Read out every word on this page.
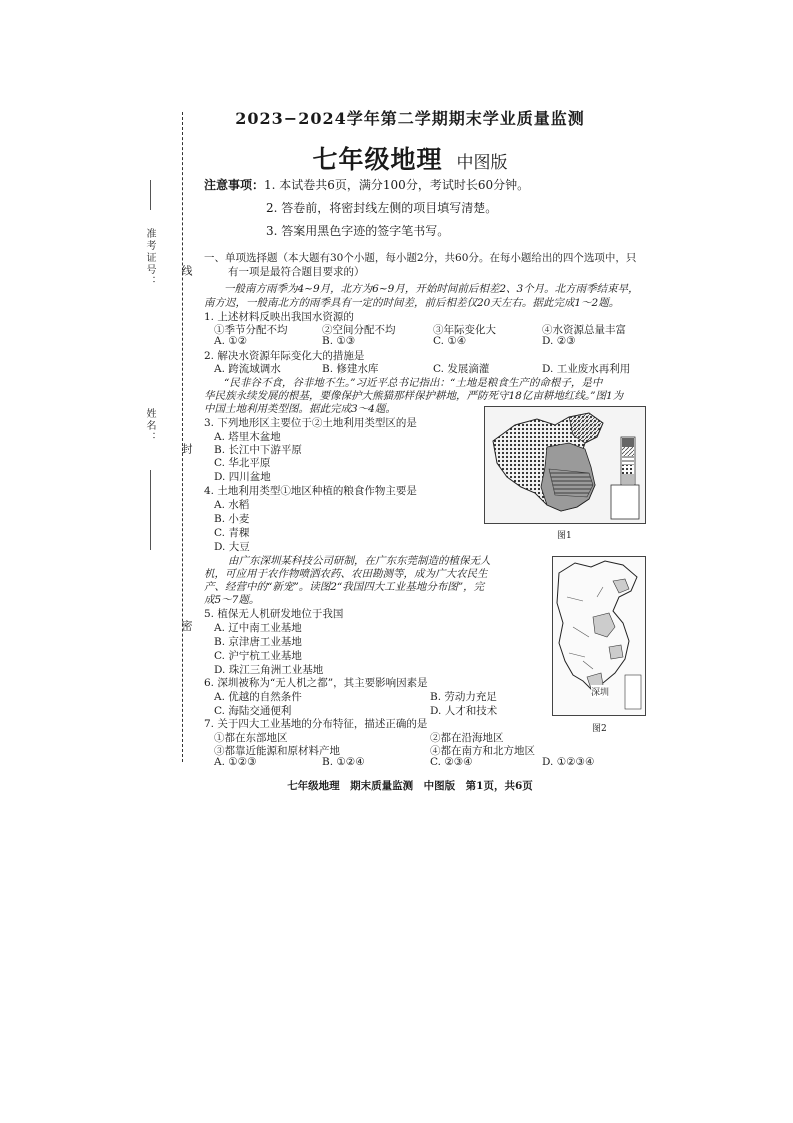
准考证号：
姓名：
线
封
密
2023−2024学年第二学期期末学业质量监测
七年级地理 中图版
注意事项：1. 本试卷共6页，满分100分，考试时长60分钟。
2. 答卷前，将密封线左侧的项目填写清楚。
3. 答案用黑色字迹的签字笔书写。
一、单项选择题（本大题有30个小题，每小题2分，共60分。在每小题给出的四个选项中，只
有一项是最符合题目要求的）
一般南方雨季为4~9月，北方为6~9月，开始时间前后相差2、3个月。北方雨季结束早，
南方迟，一般南北方的雨季具有一定的时间差，前后相差仅20天左右。据此完成1～2题。
1. 上述材料反映出我国水资源的
①季节分配不均	②空间分配不均	③年际变化大	④水资源总量丰富
A. ①②	B. ①③	C. ①④	D. ②③
2. 解决水资源年际变化大的措施是
A. 跨流域调水	B. 修建水库	C. 发展滴灌	D. 工业废水再利用
“民非谷不食，谷非地不生。”习近平总书记指出：“土地是粮食生产的命根子，是中
华民族永续发展的根基，要像保护大熊猫那样保护耕地，严防死守18亿亩耕地红线。”图1为
中国土地利用类型图。据此完成3～4题。
3. 下列地形区主要位于②土地利用类型区的是
A. 塔里木盆地
B. 长江中下游平原
C. 华北平原
D. 四川盆地
4. 土地利用类型①地区种植的粮食作物主要是
A. 水稻
B. 小麦
C. 青稞
D. 大豆
图1
由广东深圳某科技公司研制，在广东东莞制造的植保无人
机，可应用于农作物喷洒农药、农田勘测等，成为广大农民生
产、经营中的“新宠”。读图2“我国四大工业基地分布图”，完
成5～7题。
5. 植保无人机研发地位于我国
A. 辽中南工业基地
B. 京津唐工业基地
C. 沪宁杭工业基地
D. 珠江三角洲工业基地
6. 深圳被称为“无人机之都”，其主要影响因素是
A. 优越的自然条件	B. 劳动力充足
C. 海陆交通便利	D. 人才和技术
7. 关于四大工业基地的分布特征，描述正确的是
①都在东部地区	②都在沿海地区
③都靠近能源和原材料产地	④都在南方和北方地区
A. ①②③	B. ①②④	C. ②③④	D. ①②③④
深圳
图2
七年级地理　期末质量监测　中图版　第1页，共6页
